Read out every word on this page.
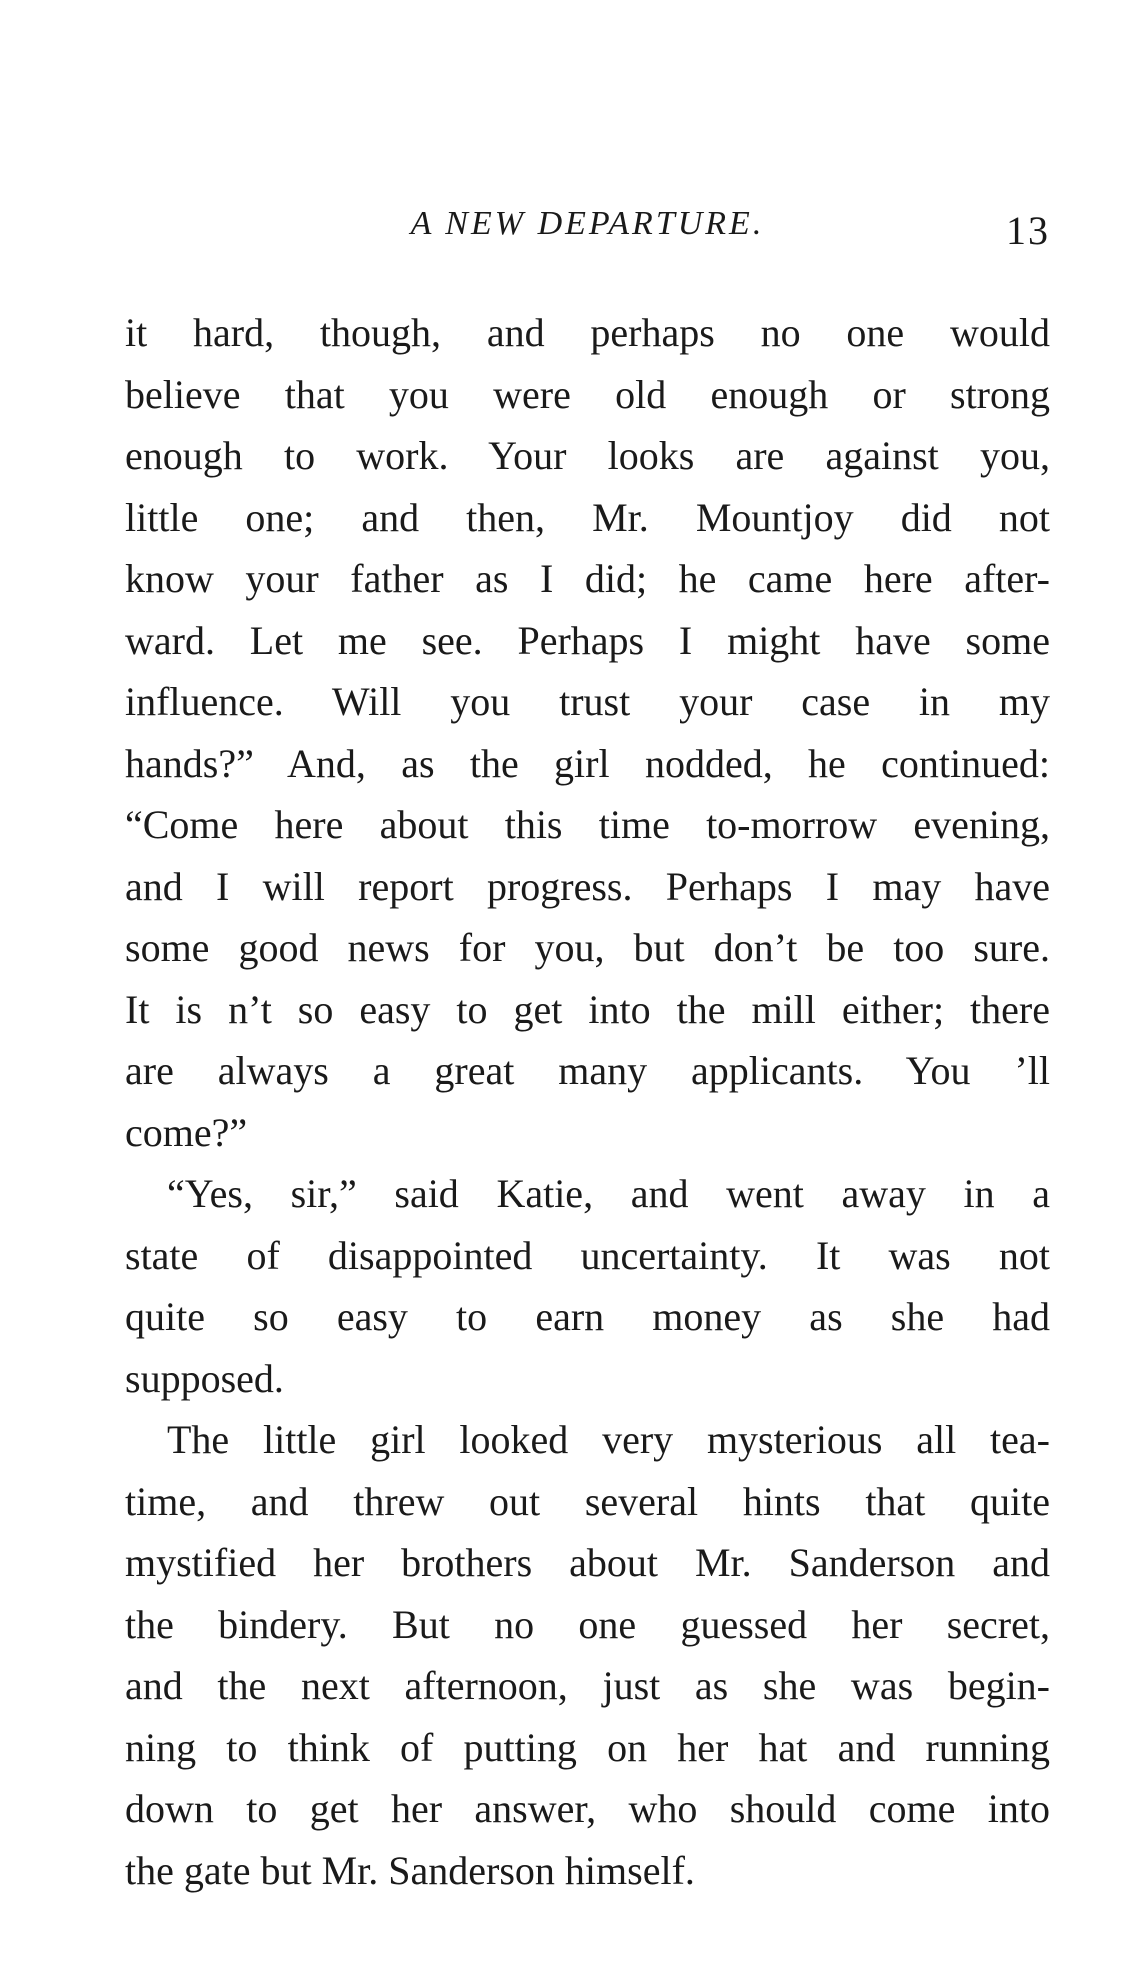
A NEW DEPARTURE.	13
it hard, though, and perhaps no one would
believe that you were old enough or strong
enough to work. Your looks are against you,
little one; and then, Mr. Mountjoy did not
know your father as I did; he came here after-
ward. Let me see. Perhaps I might have some
influence. Will you trust your case in my
hands?” And, as the girl nodded, he continued:
“Come here about this time to-morrow evening,
and I will report progress. Perhaps I may have
some good news for you, but don’t be too sure.
It is n’t so easy to get into the mill either; there
are always a great many applicants. You ’ll
come?”
“Yes, sir,” said Katie, and went away in a
state of disappointed uncertainty. It was not
quite so easy to earn money as she had
supposed.
The little girl looked very mysterious all tea-
time, and threw out several hints that quite
mystified her brothers about Mr. Sanderson and
the bindery. But no one guessed her secret,
and the next afternoon, just as she was begin-
ning to think of putting on her hat and running
down to get her answer, who should come into
the gate but Mr. Sanderson himself.
